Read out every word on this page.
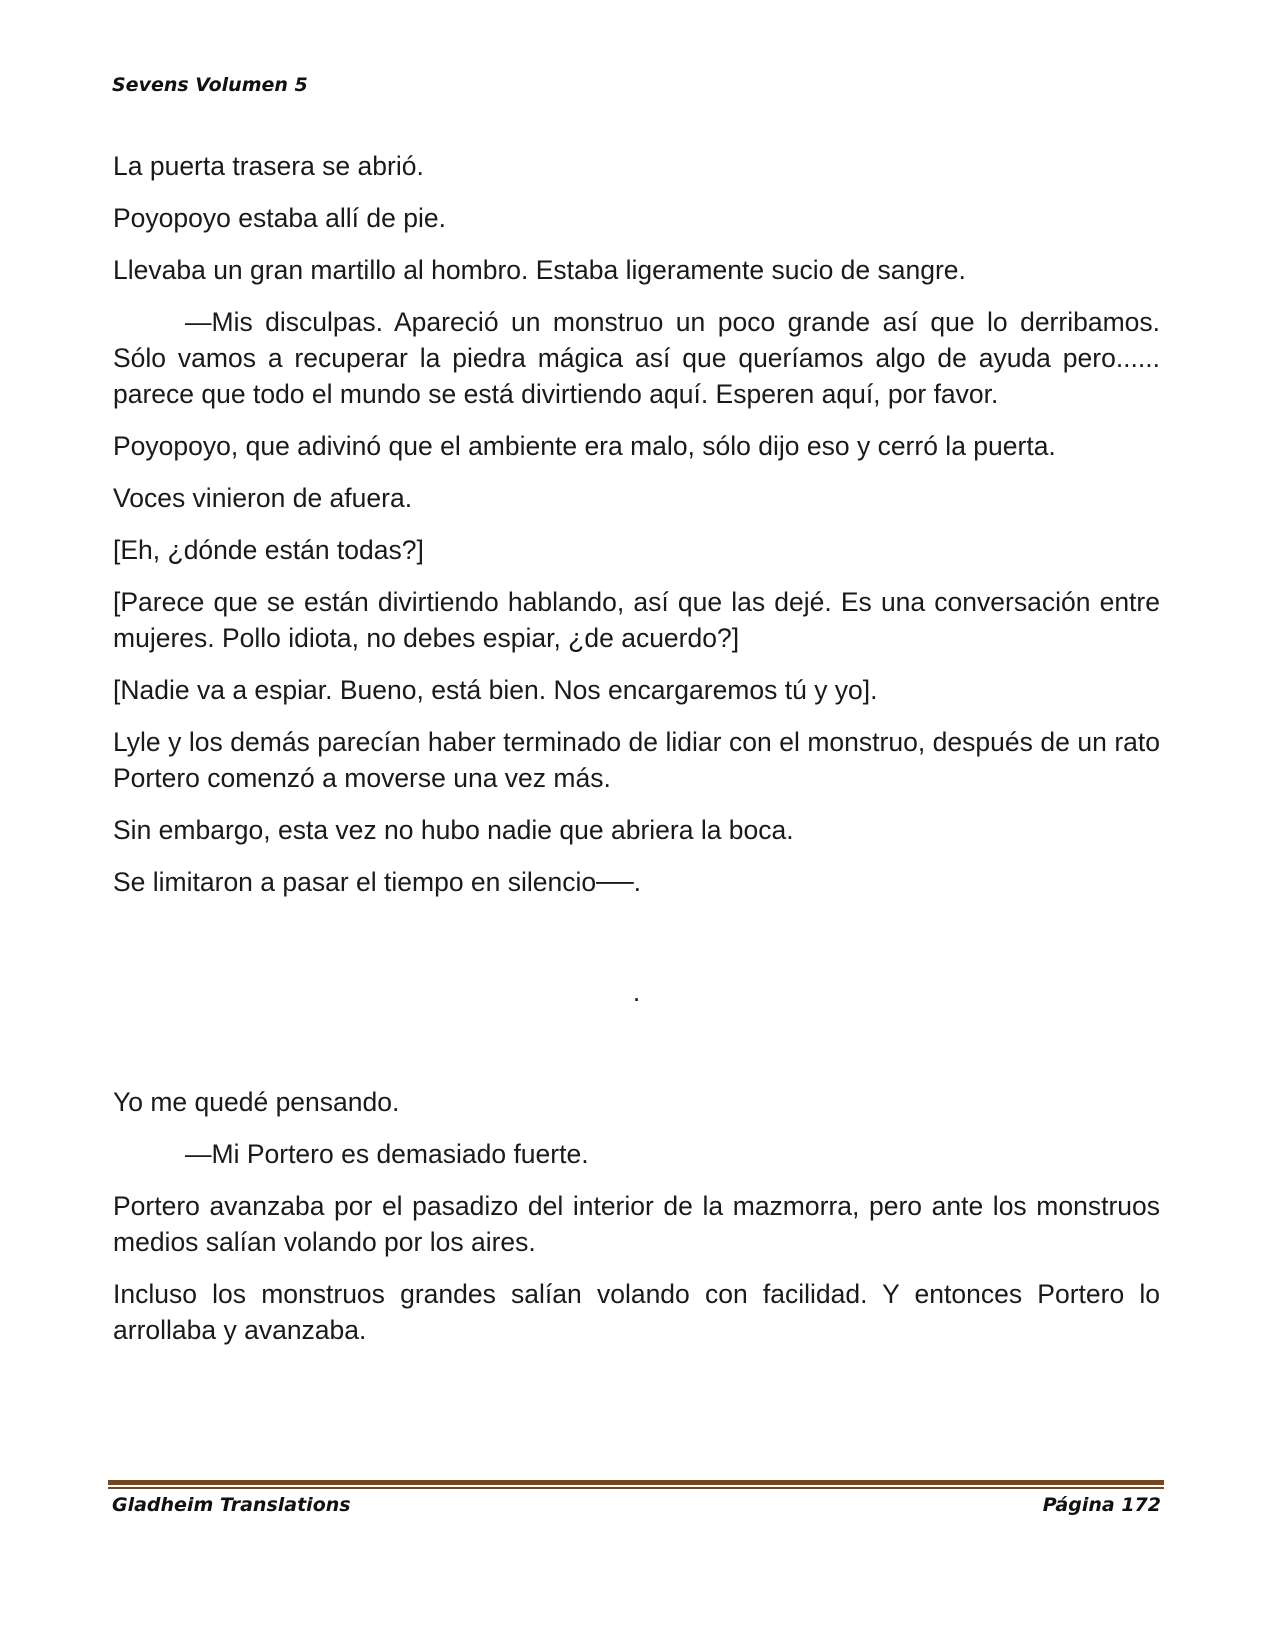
Sevens Volumen 5

La puerta trasera se abrió.

Poyopoyo estaba allí de pie.

Llevaba un gran martillo al hombro. Estaba ligeramente sucio de sangre.

—Mis disculpas. Apareció un monstruo un poco grande así que lo derribamos. Sólo vamos a recuperar la piedra mágica así que queríamos algo de ayuda pero...... parece que todo el mundo se está divirtiendo aquí. Esperen aquí, por favor.

Poyopoyo, que adivinó que el ambiente era malo, sólo dijo eso y cerró la puerta.

Voces vinieron de afuera.

[Eh, ¿dónde están todas?]

[Parece que se están divirtiendo hablando, así que las dejé. Es una conversación entre mujeres. Pollo idiota, no debes espiar, ¿de acuerdo?]

[Nadie va a espiar. Bueno, está bien. Nos encargaremos tú y yo].

Lyle y los demás parecían haber terminado de lidiar con el monstruo, después de un rato Portero comenzó a moverse una vez más.

Sin embargo, esta vez no hubo nadie que abriera la boca.

Se limitaron a pasar el tiempo en silencio──.

.

Yo me quedé pensando.

—Mi Portero es demasiado fuerte.

Portero avanzaba por el pasadizo del interior de la mazmorra, pero ante los monstruos medios salían volando por los aires.

Incluso los monstruos grandes salían volando con facilidad. Y entonces Portero lo arrollaba y avanzaba.

Gladheim Translations	Página 172
